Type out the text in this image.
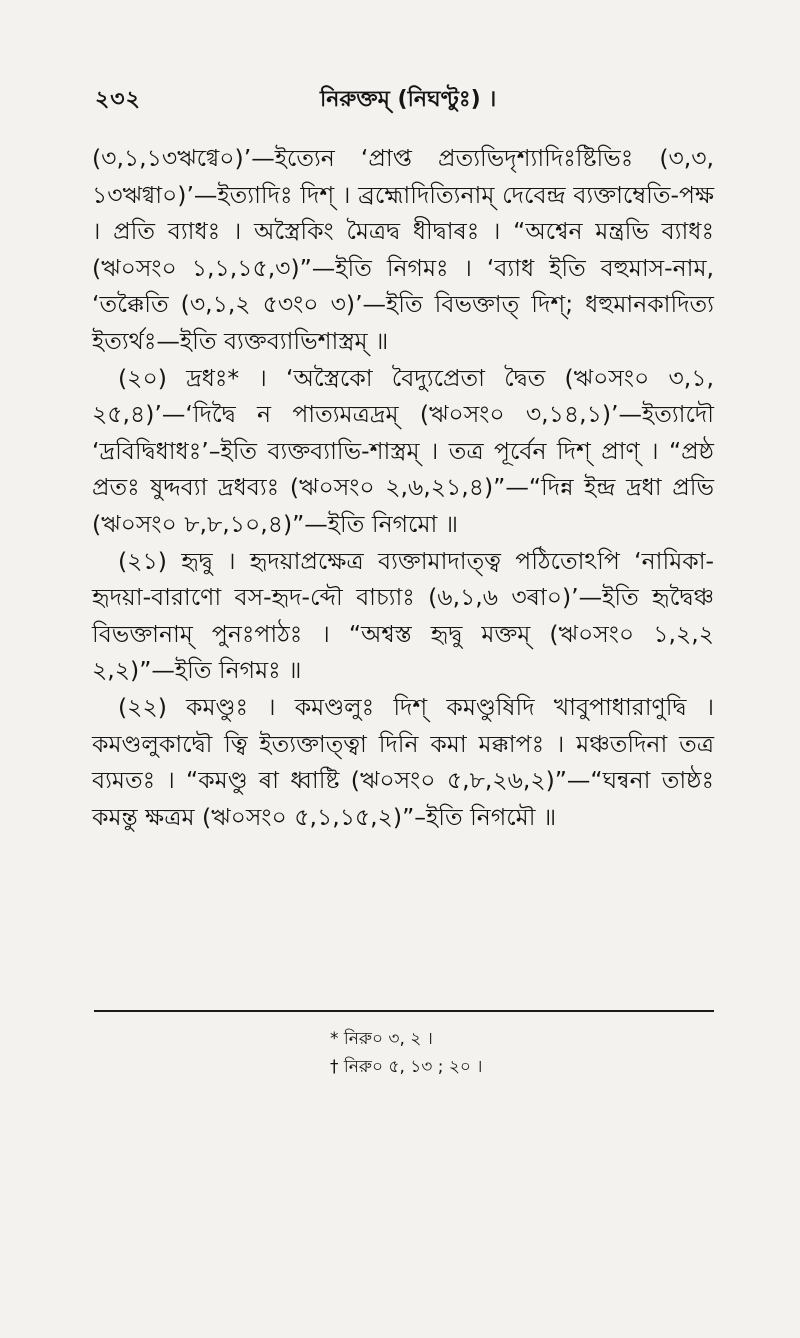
২৩২	নিরুক্তম্ (নিঘণ্টুঃ) ।

(৩,১,১৩ঋগ্বে০)’—ইত্যেন ‘প্রাপ্ত প্রত্যভিদৃশ্যাদিঃষ্টিভিঃ (৩,৩, ১৩ঋগ্বা০)’—ইত্যাদিঃ দিশ্ । ব্রহ্মোদিত্যিনাম্ দেবেন্দ্র ব্যক্তাম্বেতি-পক্ষ । প্রতি ব্যাধঃ । অস্ত্রৈকিং মৈত্রদ্ব ধীদ্বাৰঃ । “অশ্বেন মন্ত্রভি ব্যাধঃ (ঋ০সং০ ১,১,১৫,৩)”—ইতি নিগমঃ । ‘ব্যাধ ইতি বহুমাস-নাম, ‘তক্কৈতি (৩,১,২ ৫৩ং০ ৩)’—ইতি বিভক্তাত্ দিশ্; ধহুমানকাদিত্য ইত্যর্থঃ—ইতি ব্যক্তব্যাভিশাস্ত্রম্ ॥

(২০) দ্রধঃ* । ‘অস্ত্রৈকো বৈদ্যুপ্রেতা দ্বৈত (ঋ০সং০ ৩,১, ২৫,৪)’—‘দিদ্বৈ ন পাত্যমত্রদ্রম্ (ঋ০সং০ ৩,১৪,১)’—ইত্যাদৌ ‘দ্রবিদ্বিধাধঃ’–ইতি ব্যক্তব্যাভি-শাস্ত্রম্ । তত্র পূর্বেন দিশ্ প্রাণ্ । “প্রষ্ঠ প্রতঃ ষুদ্দব্যা দ্রধব্যঃ (ঋ০সং০ ২,৬,২১,৪)”—“দিন্ন ইন্দ্র দ্রধা প্রভি (ঋ০সং০ ৮,৮,১০,৪)”—ইতি নিগমো ॥

(২১) হৃদ্বু । হৃদয়াপ্রক্ষেত্র ব্যক্তামাদাত্ত্ব পঠিতোঽপি ‘নামিকা-হৃদয়া-বারাণো বস-হৃদ-ব্দৌ বাচ্যাঃ (৬,১,৬ ৩ৰা০)’—ইতি হৃদ্বৈঞ্চ বিভক্তানাম্ পুনঃপাঠঃ । “অশ্বস্ত হৃদ্বু মক্তম্ (ঋ০সং০ ১,২,২ ২,২)”—ইতি নিগমঃ ॥

(২২) কমণ্ডুঃ । কমণ্ডলুঃ দিশ্ কমণ্ডুষিদি খাবুপাধারাণুদ্বি । কমণ্ডলুকাদ্বৌ ত্বি ইত্যক্তাত্ত্বা দিনি কমা মক্কাপঃ । মঞ্চতদিনা তত্র ব্যমতঃ । “কমণ্ডু ৰা ধ্বাষ্টি (ঋ০সং০ ৫,৮,২৬,২)”—“ঘন্বনা তাষ্ঠঃ কমন্তু ক্ষত্রম (ঋ০সং০ ৫,১,১৫,২)”–ইতি নিগমৌ ॥

* নিরু০ ৩, ২ ।
† নিরু০ ৫, ১৩ ; ২০ ।
